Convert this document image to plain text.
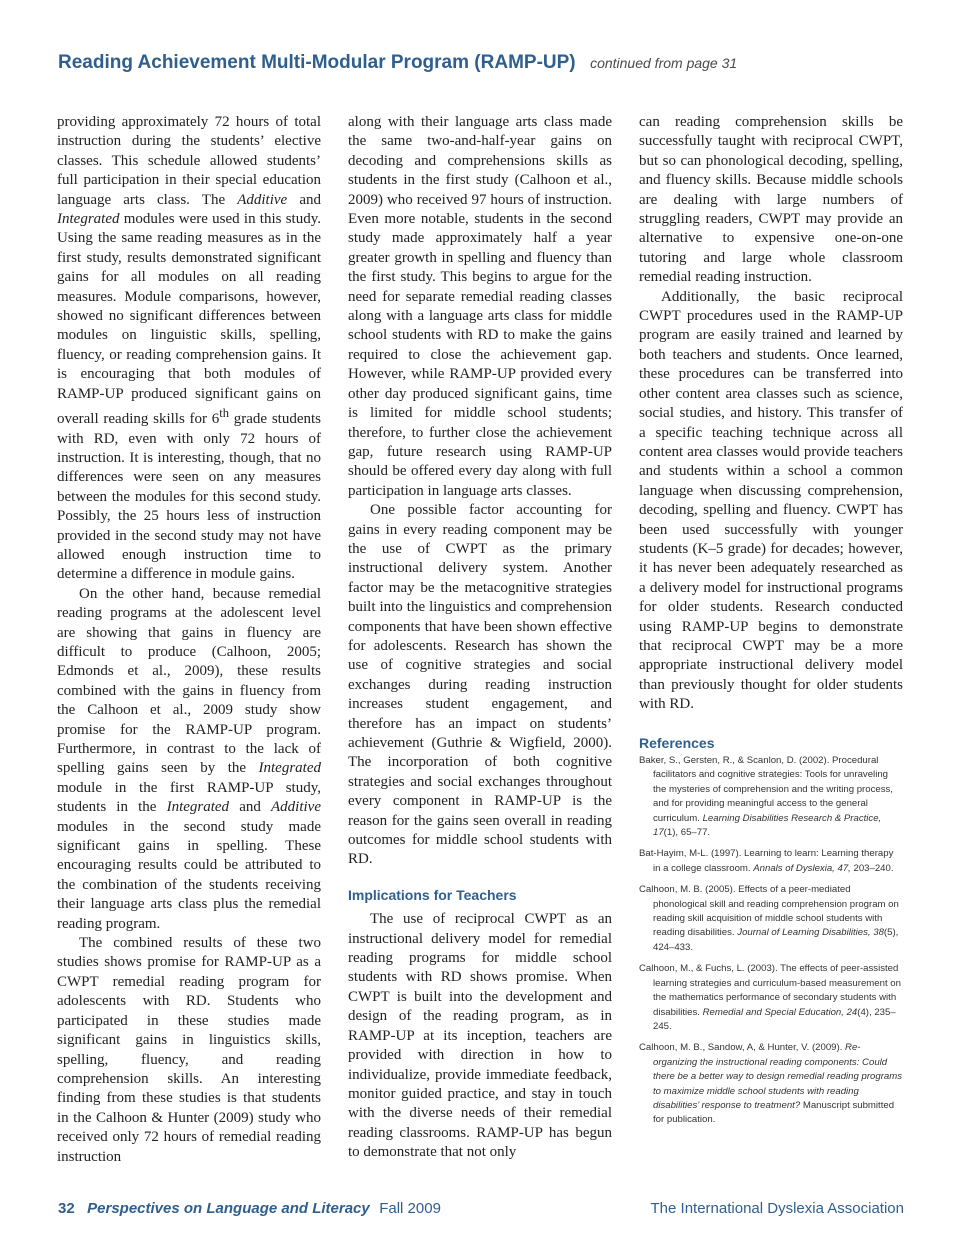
Reading Achievement Multi-Modular Program (RAMP-UP) continued from page 31

providing approximately 72 hours of total instruction during the students’ elective classes. This schedule allowed students’ full participation in their special education language arts class. The Additive and Integrated modules were used in this study. Using the same reading measures as in the first study, results demonstrated significant gains for all modules on all reading measures. Module comparisons, however, showed no significant differences between modules on linguistic skills, spelling, fluency, or reading comprehension gains. It is encouraging that both modules of RAMP-UP produced significant gains on overall reading skills for 6th grade students with RD, even with only 72 hours of instruction. It is interesting, though, that no differences were seen on any measures between the modules for this second study. Possibly, the 25 hours less of instruction provided in the second study may not have allowed enough instruction time to determine a difference in module gains.

On the other hand, because remedial reading programs at the adolescent level are showing that gains in fluency are difficult to produce (Calhoon, 2005; Edmonds et al., 2009), these results combined with the gains in fluency from the Calhoon et al., 2009 study show promise for the RAMP-UP program. Furthermore, in contrast to the lack of spelling gains seen by the Integrated module in the first RAMP-UP study, students in the Integrated and Additive modules in the second study made significant gains in spelling. These encouraging results could be attributed to the combination of the students receiving their language arts class plus the remedial reading program.

The combined results of these two studies shows promise for RAMP-UP as a CWPT remedial reading program for adolescents with RD. Students who participated in these studies made significant gains in linguistics skills, spelling, fluency, and reading comprehension skills. An interesting finding from these studies is that students in the Calhoon & Hunter (2009) study who received only 72 hours of remedial reading instruction

along with their language arts class made the same two-and-half-year gains on decoding and comprehensions skills as students in the first study (Calhoon et al., 2009) who received 97 hours of instruction. Even more notable, students in the second study made approximately half a year greater growth in spelling and fluency than the first study. This begins to argue for the need for separate remedial reading classes along with a language arts class for middle school students with RD to make the gains required to close the achievement gap. However, while RAMP-UP provided every other day produced significant gains, time is limited for middle school students; therefore, to further close the achievement gap, future research using RAMP-UP should be offered every day along with full participation in language arts classes.

One possible factor accounting for gains in every reading component may be the use of CWPT as the primary instructional delivery system. Another factor may be the metacognitive strategies built into the linguistics and comprehension components that have been shown effective for adolescents. Research has shown the use of cognitive strategies and social exchanges during reading instruction increases student engagement, and therefore has an impact on students’ achievement (Guthrie & Wigfield, 2000). The incorporation of both cognitive strategies and social exchanges throughout every component in RAMP-UP is the reason for the gains seen overall in reading outcomes for middle school students with RD.

Implications for Teachers

The use of reciprocal CWPT as an instructional delivery model for remedial reading programs for middle school students with RD shows promise. When CWPT is built into the development and design of the reading program, as in RAMP-UP at its inception, teachers are provided with direction in how to individualize, provide immediate feedback, monitor guided practice, and stay in touch with the diverse needs of their remedial reading classrooms. RAMP-UP has begun to demonstrate that not only

can reading comprehension skills be successfully taught with reciprocal CWPT, but so can phonological decoding, spelling, and fluency skills. Because middle schools are dealing with large numbers of struggling readers, CWPT may provide an alternative to expensive one-on-one tutoring and large whole classroom remedial reading instruction.

Additionally, the basic reciprocal CWPT procedures used in the RAMP-UP program are easily trained and learned by both teachers and students. Once learned, these procedures can be transferred into other content area classes such as science, social studies, and history. This transfer of a specific teaching technique across all content area classes would provide teachers and students within a school a common language when discussing comprehension, decoding, spelling and fluency. CWPT has been used successfully with younger students (K–5 grade) for decades; however, it has never been adequately researched as a delivery model for instructional programs for older students. Research conducted using RAMP-UP begins to demonstrate that reciprocal CWPT may be a more appropriate instructional delivery model than previously thought for older students with RD.

References
Baker, S., Gersten, R., & Scanlon, D. (2002). Procedural facilitators and cognitive strategies: Tools for unraveling the mysteries of comprehension and the writing process, and for providing meaningful access to the general curriculum. Learning Disabilities Research & Practice, 17(1), 65–77.
Bat-Hayim, M-L. (1997). Learning to learn: Learning therapy in a college classroom. Annals of Dyslexia, 47, 203–240.
Calhoon, M. B. (2005). Effects of a peer-mediated phonological skill and reading comprehension program on reading skill acquisition of middle school students with reading disabilities. Journal of Learning Disabilities, 38(5), 424–433.
Calhoon, M., & Fuchs, L. (2003). The effects of peer-assisted learning strategies and curriculum-based measurement on the mathematics performance of secondary students with disabilities. Remedial and Special Education, 24(4), 235–245.
Calhoon, M. B., Sandow, A, & Hunter, V. (2009). Re-organizing the instructional reading components: Could there be a better way to design remedial reading programs to maximize middle school students with reading disabilities’ response to treatment? Manuscript submitted for publication.
32 Perspectives on Language and Literacy Fall 2009	The International Dyslexia Association
